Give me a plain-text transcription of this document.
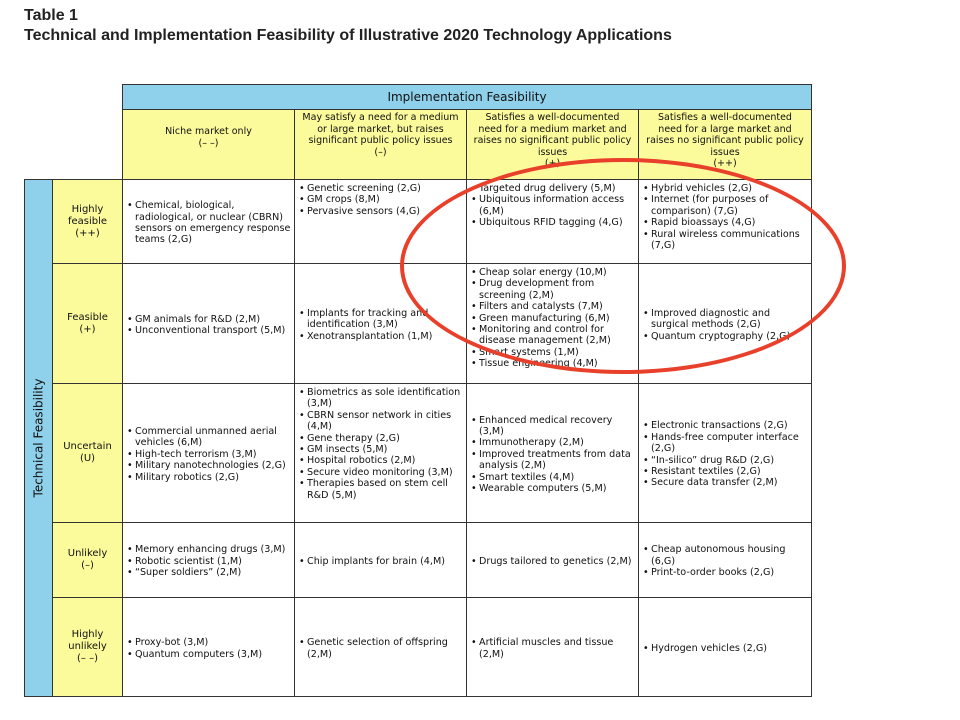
Table 1
Technical and Implementation Feasibility of Illustrative 2020 Technology Applications
Implementation Feasibility
Niche market only
(– –)
May satisfy a need for a medium or large market, but raises significant public policy issues
(–)
Satisfies a well-documented need for a medium market and raises no significant public policy issues
(+)
Satisfies a well-documented need for a large market and raises no significant public policy issues
(++)
Technical Feasibility
Highly feasible
(++)
Feasible
(+)
Uncertain
(U)
Unlikely
(–)
Highly unlikely
(– –)
• Chemical, biological, radiological, or nuclear (CBRN) sensors on emergency response teams (2,G)
• Genetic screening (2,G)
• GM crops (8,M)
• Pervasive sensors (4,G)
• Targeted drug delivery (5,M)
• Ubiquitous information access (6,M)
• Ubiquitous RFID tagging (4,G)
• Hybrid vehicles (2,G)
• Internet (for purposes of comparison) (7,G)
• Rapid bioassays (4,G)
• Rural wireless communications (7,G)
• GM animals for R&D (2,M)
• Unconventional transport (5,M)
• Implants for tracking and identification (3,M)
• Xenotransplantation (1,M)
• Cheap solar energy (10,M)
• Drug development from screening (2,M)
• Filters and catalysts (7,M)
• Green manufacturing (6,M)
• Monitoring and control for disease management (2,M)
• Smart systems (1,M)
• Tissue engineering (4,M)
• Improved diagnostic and surgical methods (2,G)
• Quantum cryptography (2,G)
• Commercial unmanned aerial vehicles (6,M)
• High-tech terrorism (3,M)
• Military nanotechnologies (2,G)
• Military robotics (2,G)
• Biometrics as sole identification (3,M)
• CBRN sensor network in cities (4,M)
• Gene therapy (2,G)
• GM insects (5,M)
• Hospital robotics (2,M)
• Secure video monitoring (3,M)
• Therapies based on stem cell R&D (5,M)
• Enhanced medical recovery (3,M)
• Immunotherapy (2,M)
• Improved treatments from data analysis (2,M)
• Smart textiles (4,M)
• Wearable computers (5,M)
• Electronic transactions (2,G)
• Hands-free computer interface (2,G)
• “In-silico” drug R&D (2,G)
• Resistant textiles (2,G)
• Secure data transfer (2,M)
• Memory enhancing drugs (3,M)
• Robotic scientist (1,M)
• “Super soldiers” (2,M)
• Chip implants for brain (4,M)
•	Drugs tailored to genetics (2,M)
• Cheap autonomous housing (6,G)
• Print-to-order books (2,G)
• Proxy-bot (3,M)
• Quantum computers (3,M)
• Genetic selection of offspring (2,M)
• Artificial muscles and tissue (2,M)
• Hydrogen vehicles (2,G)
